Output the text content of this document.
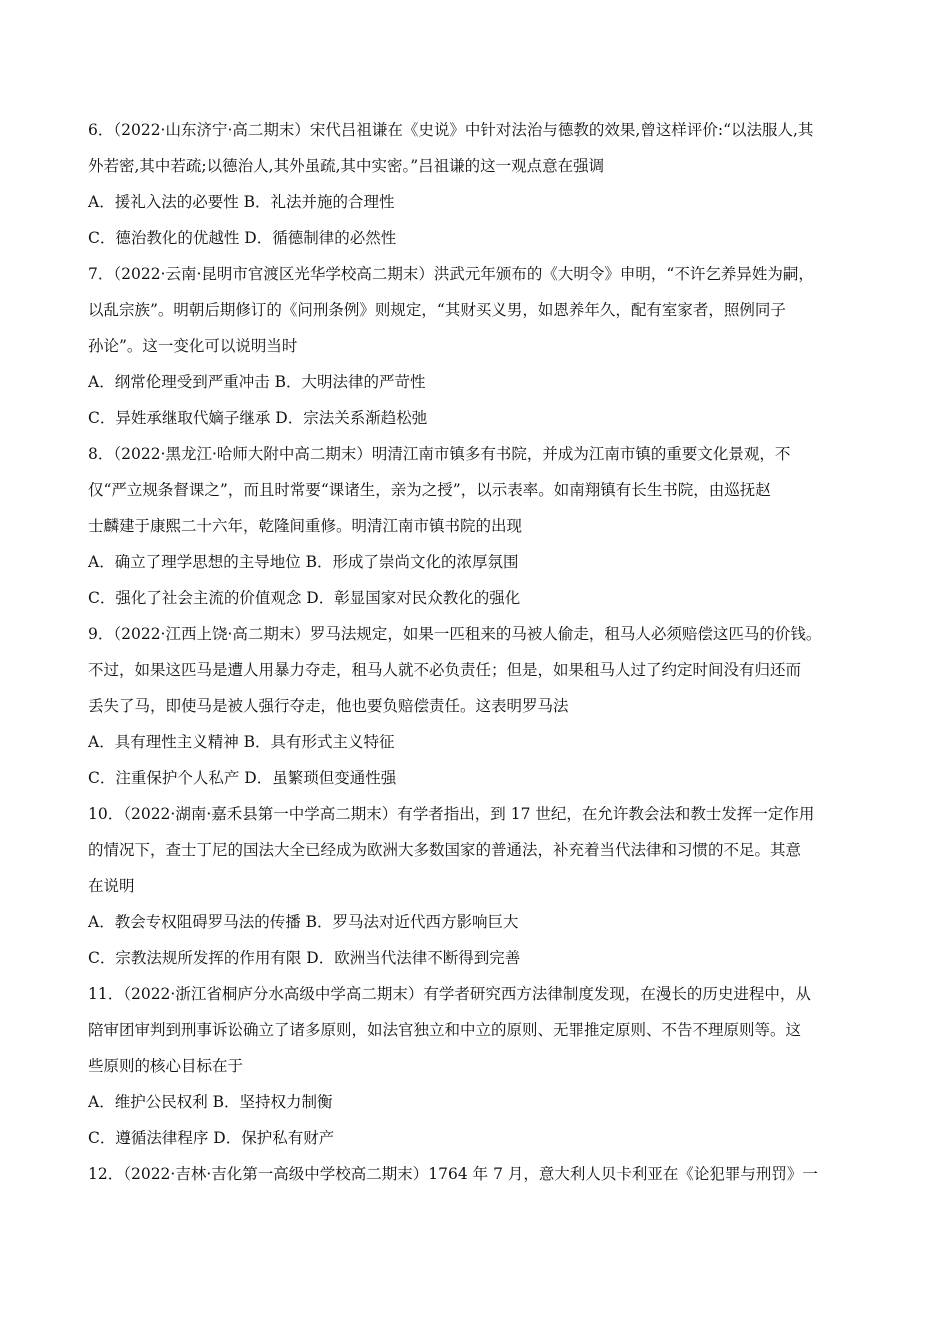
6．（2022·山东济宁·高二期末）宋代吕祖谦在《史说》中针对法治与德教的效果,曾这样评价:“以法服人,其
外若密,其中若疏;以德治人,其外虽疏,其中实密。”吕祖谦的这一观点意在强调
A．援礼入法的必要性 B．礼法并施的合理性
C．德治教化的优越性 D．循德制律的必然性
7．（2022·云南·昆明市官渡区光华学校高二期末）洪武元年颁布的《大明令》申明，“不许乞养异姓为嗣，
以乱宗族”。明朝后期修订的《问刑条例》则规定，“其财买义男，如恩养年久，配有室家者，照例同子
孙论”。这一变化可以说明当时
A．纲常伦理受到严重冲击 B．大明法律的严苛性
C．异姓承继取代嫡子继承 D．宗法关系渐趋松弛
8．（2022·黑龙江·哈师大附中高二期末）明清江南市镇多有书院，并成为江南市镇的重要文化景观，不
仅“严立规条督课之”，而且时常要“课诸生，亲为之授”，以示表率。如南翔镇有长生书院，由巡抚赵
士麟建于康熙二十六年，乾隆间重修。明清江南市镇书院的出现
A．确立了理学思想的主导地位 B．形成了崇尚文化的浓厚氛围
C．强化了社会主流的价值观念 D．彰显国家对民众教化的强化
9．（2022·江西上饶·高二期末）罗马法规定，如果一匹租来的马被人偷走，租马人必须赔偿这匹马的价钱。
不过，如果这匹马是遭人用暴力夺走，租马人就不必负责任；但是，如果租马人过了约定时间没有归还而
丢失了马，即使马是被人强行夺走，他也要负赔偿责任。这表明罗马法
A．具有理性主义精神 B．具有形式主义特征
C．注重保护个人私产 D．虽繁琐但变通性强
10．（2022·湖南·嘉禾县第一中学高二期末）有学者指出，到 17 世纪，在允许教会法和教士发挥一定作用
的情况下，查士丁尼的国法大全已经成为欧洲大多数国家的普通法，补充着当代法律和习惯的不足。其意
在说明
A．教会专权阻碍罗马法的传播 B．罗马法对近代西方影响巨大
C．宗教法规所发挥的作用有限 D．欧洲当代法律不断得到完善
11．（2022·浙江省桐庐分水高级中学高二期末）有学者研究西方法律制度发现，在漫长的历史进程中，从
陪审团审判到刑事诉讼确立了诸多原则，如法官独立和中立的原则、无罪推定原则、不告不理原则等。这
些原则的核心目标在于
A．维护公民权利 B．坚持权力制衡
C．遵循法律程序 D．保护私有财产
12．（2022·吉林·吉化第一高级中学校高二期末）1764 年 7 月，意大利人贝卡利亚在《论犯罪与刑罚》一
